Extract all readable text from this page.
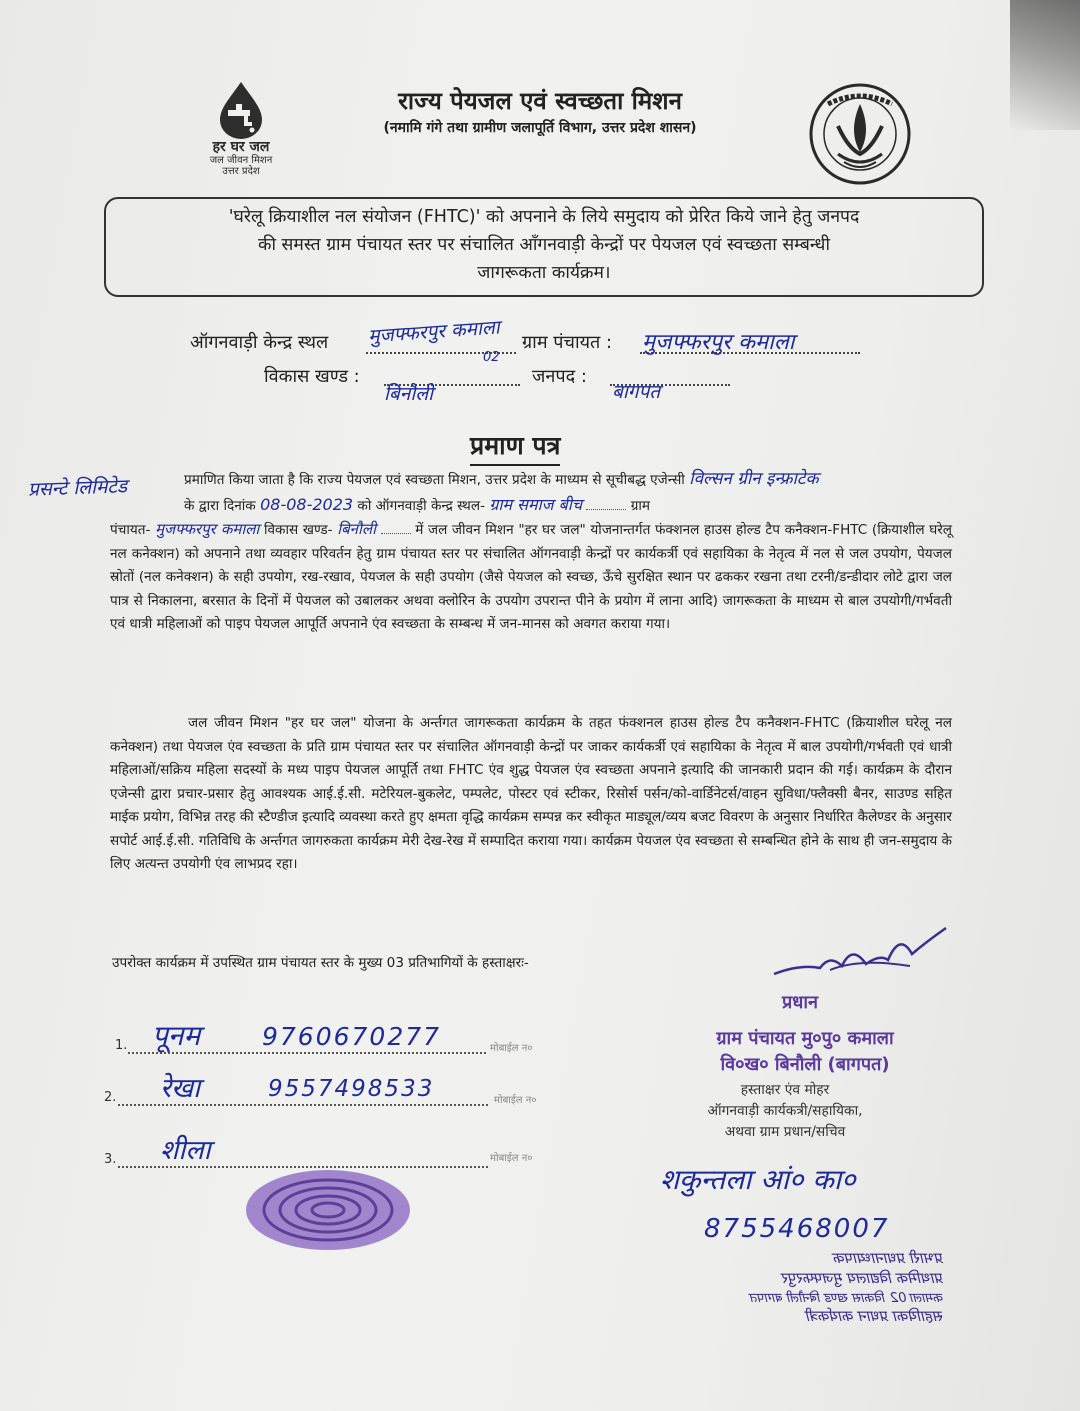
हर घर जल
जल जीवन मिशन
उत्तर प्रदेश
राज्य पेयजल एवं स्वच्छता मिशन
(नमामि गंगे तथा ग्रामीण जलापूर्ति विभाग, उत्तर प्रदेश शासन)
'घरेलू क्रियाशील नल संयोजन (FHTC)' को अपनाने के लिये समुदाय को प्रेरित किये जाने हेतु जनपद
की समस्त ग्राम पंचायत स्तर पर संचालित आँगनवाड़ी केन्द्रों पर पेयजल एवं स्वच्छता सम्बन्धी
जागरूकता कार्यक्रम।
ऑगनवाड़ी केन्द्र स्थल मुजफ्फरपुर कमाला
02
ग्राम पंचायत : मुजफ्फरपुर कमाला
विकास खण्ड :
बिनौली
जनपद :
बागपत
प्रमाण पत्र
प्रसन्टे लिमिटेड	प्रमाणित किया जाता है कि राज्य पेयजल एवं स्वच्छता मिशन, उत्तर प्रदेश के माध्यम से सूचीबद्ध एजेन्सी विल्सन ग्रीन इन्फ्राटेक
के द्वारा दिनांक 08-08-2023 को ऑगनवाड़ी केन्द्र स्थल- ग्राम समाज बीच	ग्राम
पंचायत- मुजफ्फरपुर कमाला विकास खण्ड- बिनौली	में जल जीवन मिशन "हर घर जल" योजनान्तर्गत फंक्शनल हाउस होल्ड टैप कनैक्शन-FHTC (क्रियाशील घरेलू नल कनेक्शन) को अपनाने तथा व्यवहार परिवर्तन हेतु ग्राम पंचायत स्तर पर संचालित ऑगनवाड़ी केन्द्रों पर कार्यकर्त्री एवं सहायिका के नेतृत्व में नल से जल उपयोग, पेयजल स्रोतों (नल कनेक्शन) के सही उपयोग, रख-रखाव, पेयजल के सही उपयोग (जैसे पेयजल को स्वच्छ, ऊँचे सुरक्षित स्थान पर ढककर रखना तथा टरनी/डन्डीदार लोटे द्वारा जल पात्र से निकालना, बरसात के दिनों में पेयजल को उबालकर अथवा क्लोरिन के उपयोग उपरान्त पीने के प्रयोग में लाना आदि) जागरूकता के माध्यम से बाल उपयोगी/गर्भवती एवं धात्री महिलाओं को पाइप पेयजल आपूर्ति अपनाने एंव स्वच्छता के सम्बन्ध में जन-मानस को अवगत कराया गया।
जल जीवन मिशन "हर घर जल" योजना के अर्न्तगत जागरूकता कार्यक्रम के तहत फंक्शनल हाउस होल्ड टैप कनैक्शन-FHTC (क्रियाशील घरेलू नल कनेक्शन) तथा पेयजल एंव स्वच्छता के प्रति ग्राम पंचायत स्तर पर संचालित ऑगनवाड़ी केन्द्रों पर जाकर कार्यकर्त्री एवं सहायिका के नेतृत्व में बाल उपयोगी/गर्भवती एवं धात्री महिलाओं/सक्रिय महिला सदस्यों के मध्य पाइप पेयजल आपूर्ति तथा FHTC एंव शुद्ध पेयजल एंव स्वच्छता अपनाने इत्यादि की जानकारी प्रदान की गई। कार्यक्रम के दौरान एजेन्सी द्वारा प्रचार-प्रसार हेतु आवश्यक आई.ई.सी. मटेरियल-बुकलेट, पम्पलेट, पोस्टर एवं स्टीकर, रिसोर्स पर्सन/को-वार्डिनेटर्स/वाहन सुविधा/फ्लैक्सी बैनर, साउण्ड सहित माईक प्रयोग, विभिन्न तरह की स्टैण्डीज इत्यादि व्यवस्था करते हुए क्षमता वृद्धि कार्यक्रम सम्पन्न कर स्वीकृत माड्यूल/व्यय बजट विवरण के अनुसार निर्धारित कैलेण्डर के अनुसार सपोर्ट आई.ई.सी. गतिविधि के अर्न्तगत जागरुकता कार्यक्रम मेरी देख-रेख में सम्पादित कराया गया। कार्यक्रम पेयजल एंव स्वच्छता से सम्बन्धित होने के साथ ही जन-समुदाय के लिए अत्यन्त उपयोगी एंव लाभप्रद रहा।
उपरोक्त कार्यक्रम में उपस्थित ग्राम पंचायत स्तर के मुख्य 03 प्रतिभागियों के हस्ताक्षरः-
1. पूनम 9760670277	मोबाईल न०
2. रेखा	9557498533	मोबाईल न०
3. शीला	मोबाईल न०
प्रधान
ग्राम पंचायत मु०पु० कमाला
वि०ख० बिनौली (बागपत)
हस्ताक्षर एंव मोहर
ऑगनवाड़ी कार्यकत्री/सहायिका,
अथवा ग्राम प्रधान/सचिव
शकुन्तला आं० का०
8755468007
प्रभारी प्रधानाध्यापक
प्राथमिक विद्यालय मुजफ्फरपुर
कमाला 02 विकास खण्ड बिनौली बागपत
सहायिका प्रधान कार्यकत्री
